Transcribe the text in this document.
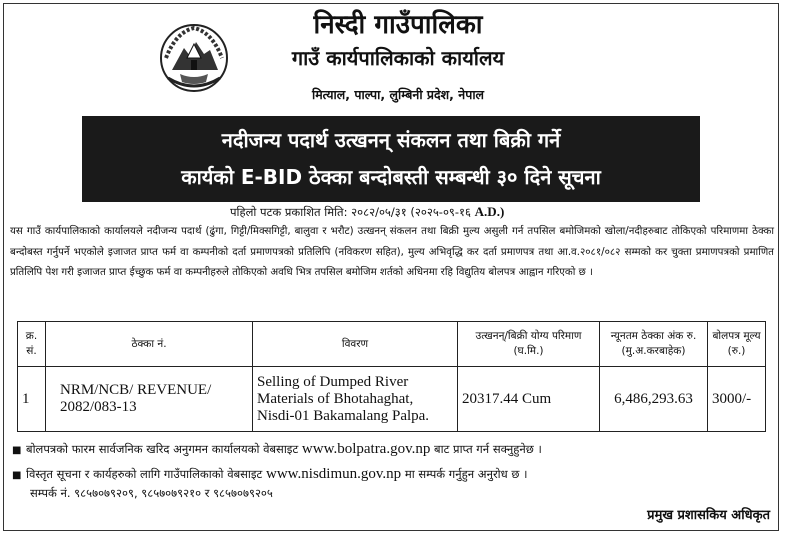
निस्दी गाउँपालिका
गाउँ कार्यपालिकाको कार्यालय
मित्याल, पाल्पा, लुम्बिनी प्रदेश, नेपाल
नदीजन्य पदार्थ उत्खनन् संकलन तथा बिक्री गर्ने
कार्यको E-BID ठेक्का बन्दोबस्ती सम्बन्धी ३० दिने सूचना
पहिलो पटक प्रकाशित मिति: २०८२/०५/३१ (२०२५-०९-१६ A.D.)
यस गाउँ कार्यपालिकाको कार्यालयले नदीजन्य पदार्थ (ढुंगा, गिट्टी/मिक्सगिट्टी, बालुवा र भरौट) उत्खनन् संकलन तथा बिक्री मुल्य असुली गर्न तपसिल बमोजिमको खोला/नदीहरुबाट तोकिएको परिमाणमा ठेक्का बन्दोबस्त गर्नुपर्ने भएकोले इजाजत प्राप्त फर्म वा कम्पनीको दर्ता प्रमाणपत्रको प्रतिलिपि (नविकरण सहित), मुल्य अभिवृद्धि कर दर्ता प्रमाणपत्र तथा आ.व.२०८१/०८२ सम्मको कर चुक्ता प्रमाणपत्रको प्रमाणित प्रतिलिपि पेश गरी इजाजत प्राप्त ईच्छुक फर्म वा कम्पनीहरुले तोकिएको अवधि भित्र तपसिल बमोजिम शर्तको अधिनमा रहि विद्युतिय बोलपत्र आह्वान गरिएको छ ।
क्र. सं.	ठेक्का नं.	विवरण	उत्खनन्/बिक्री योग्य परिमाण (घ.मि.)	न्यूनतम ठेक्का अंक रु. (मु.अ.करबाहेक)	बोलपत्र मूल्य (रु.)
1	NRM/NCB/ REVENUE/ 2082/083-13	Selling of Dumped River Materials of Bhotahaghat, Nisdi-01 Bakamalang Palpa.	20317.44 Cum	6,486,293.63	3000/-
■ बोलपत्रको फारम सार्वजनिक खरिद अनुगमन कार्यालयको वेबसाइट www.bolpatra.gov.np बाट प्राप्त गर्न सक्नुहुनेछ ।
■ विस्तृत सूचना र कार्यहरुको लागि गाउँपालिकाको वेबसाइट www.nisdimun.gov.np मा सम्पर्क गर्नुहुन अनुरोध छ ।
सम्पर्क नं. ९८५७०७९२०९, ९८५७०७९२१० र ९८५७०७९२०५
प्रमुख प्रशासकिय अधिकृत
